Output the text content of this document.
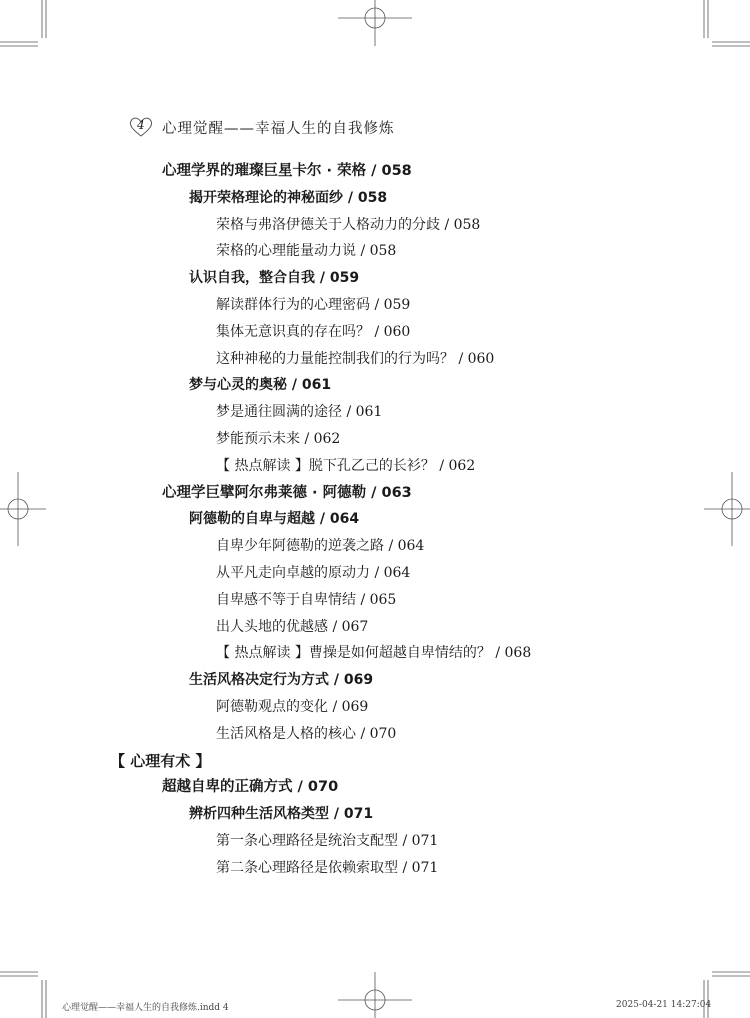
4 心理觉醒——幸福人生的自我修炼
心理学界的璀璨巨星卡尔 · 荣格 / 058
揭开荣格理论的神秘面纱 / 058
荣格与弗洛伊德关于人格动力的分歧 / 058
荣格的心理能量动力说 / 058
认识自我，整合自我 / 059
解读群体行为的心理密码 / 059
集体无意识真的存在吗？ / 060
这种神秘的力量能控制我们的行为吗？ / 060
梦与心灵的奥秘 / 061
梦是通往圆满的途径 / 061
梦能预示未来 / 062
【 热点解读 】脱下孔乙己的长衫？ / 062
心理学巨擘阿尔弗莱德 · 阿德勒 / 063
阿德勒的自卑与超越 / 064
自卑少年阿德勒的逆袭之路 / 064
从平凡走向卓越的原动力 / 064
自卑感不等于自卑情结 / 065
出人头地的优越感 / 067
【 热点解读 】曹操是如何超越自卑情结的？ / 068
生活风格决定行为方式 / 069
阿德勒观点的变化 / 069
生活风格是人格的核心 / 070
【 心理有术 】
超越自卑的正确方式 / 070
辨析四种生活风格类型 / 071
第一条心理路径是统治支配型 / 071
第二条心理路径是依赖索取型 / 071
心理觉醒——幸福人生的自我修炼.indd 4	2025-04-21 14:27:04
